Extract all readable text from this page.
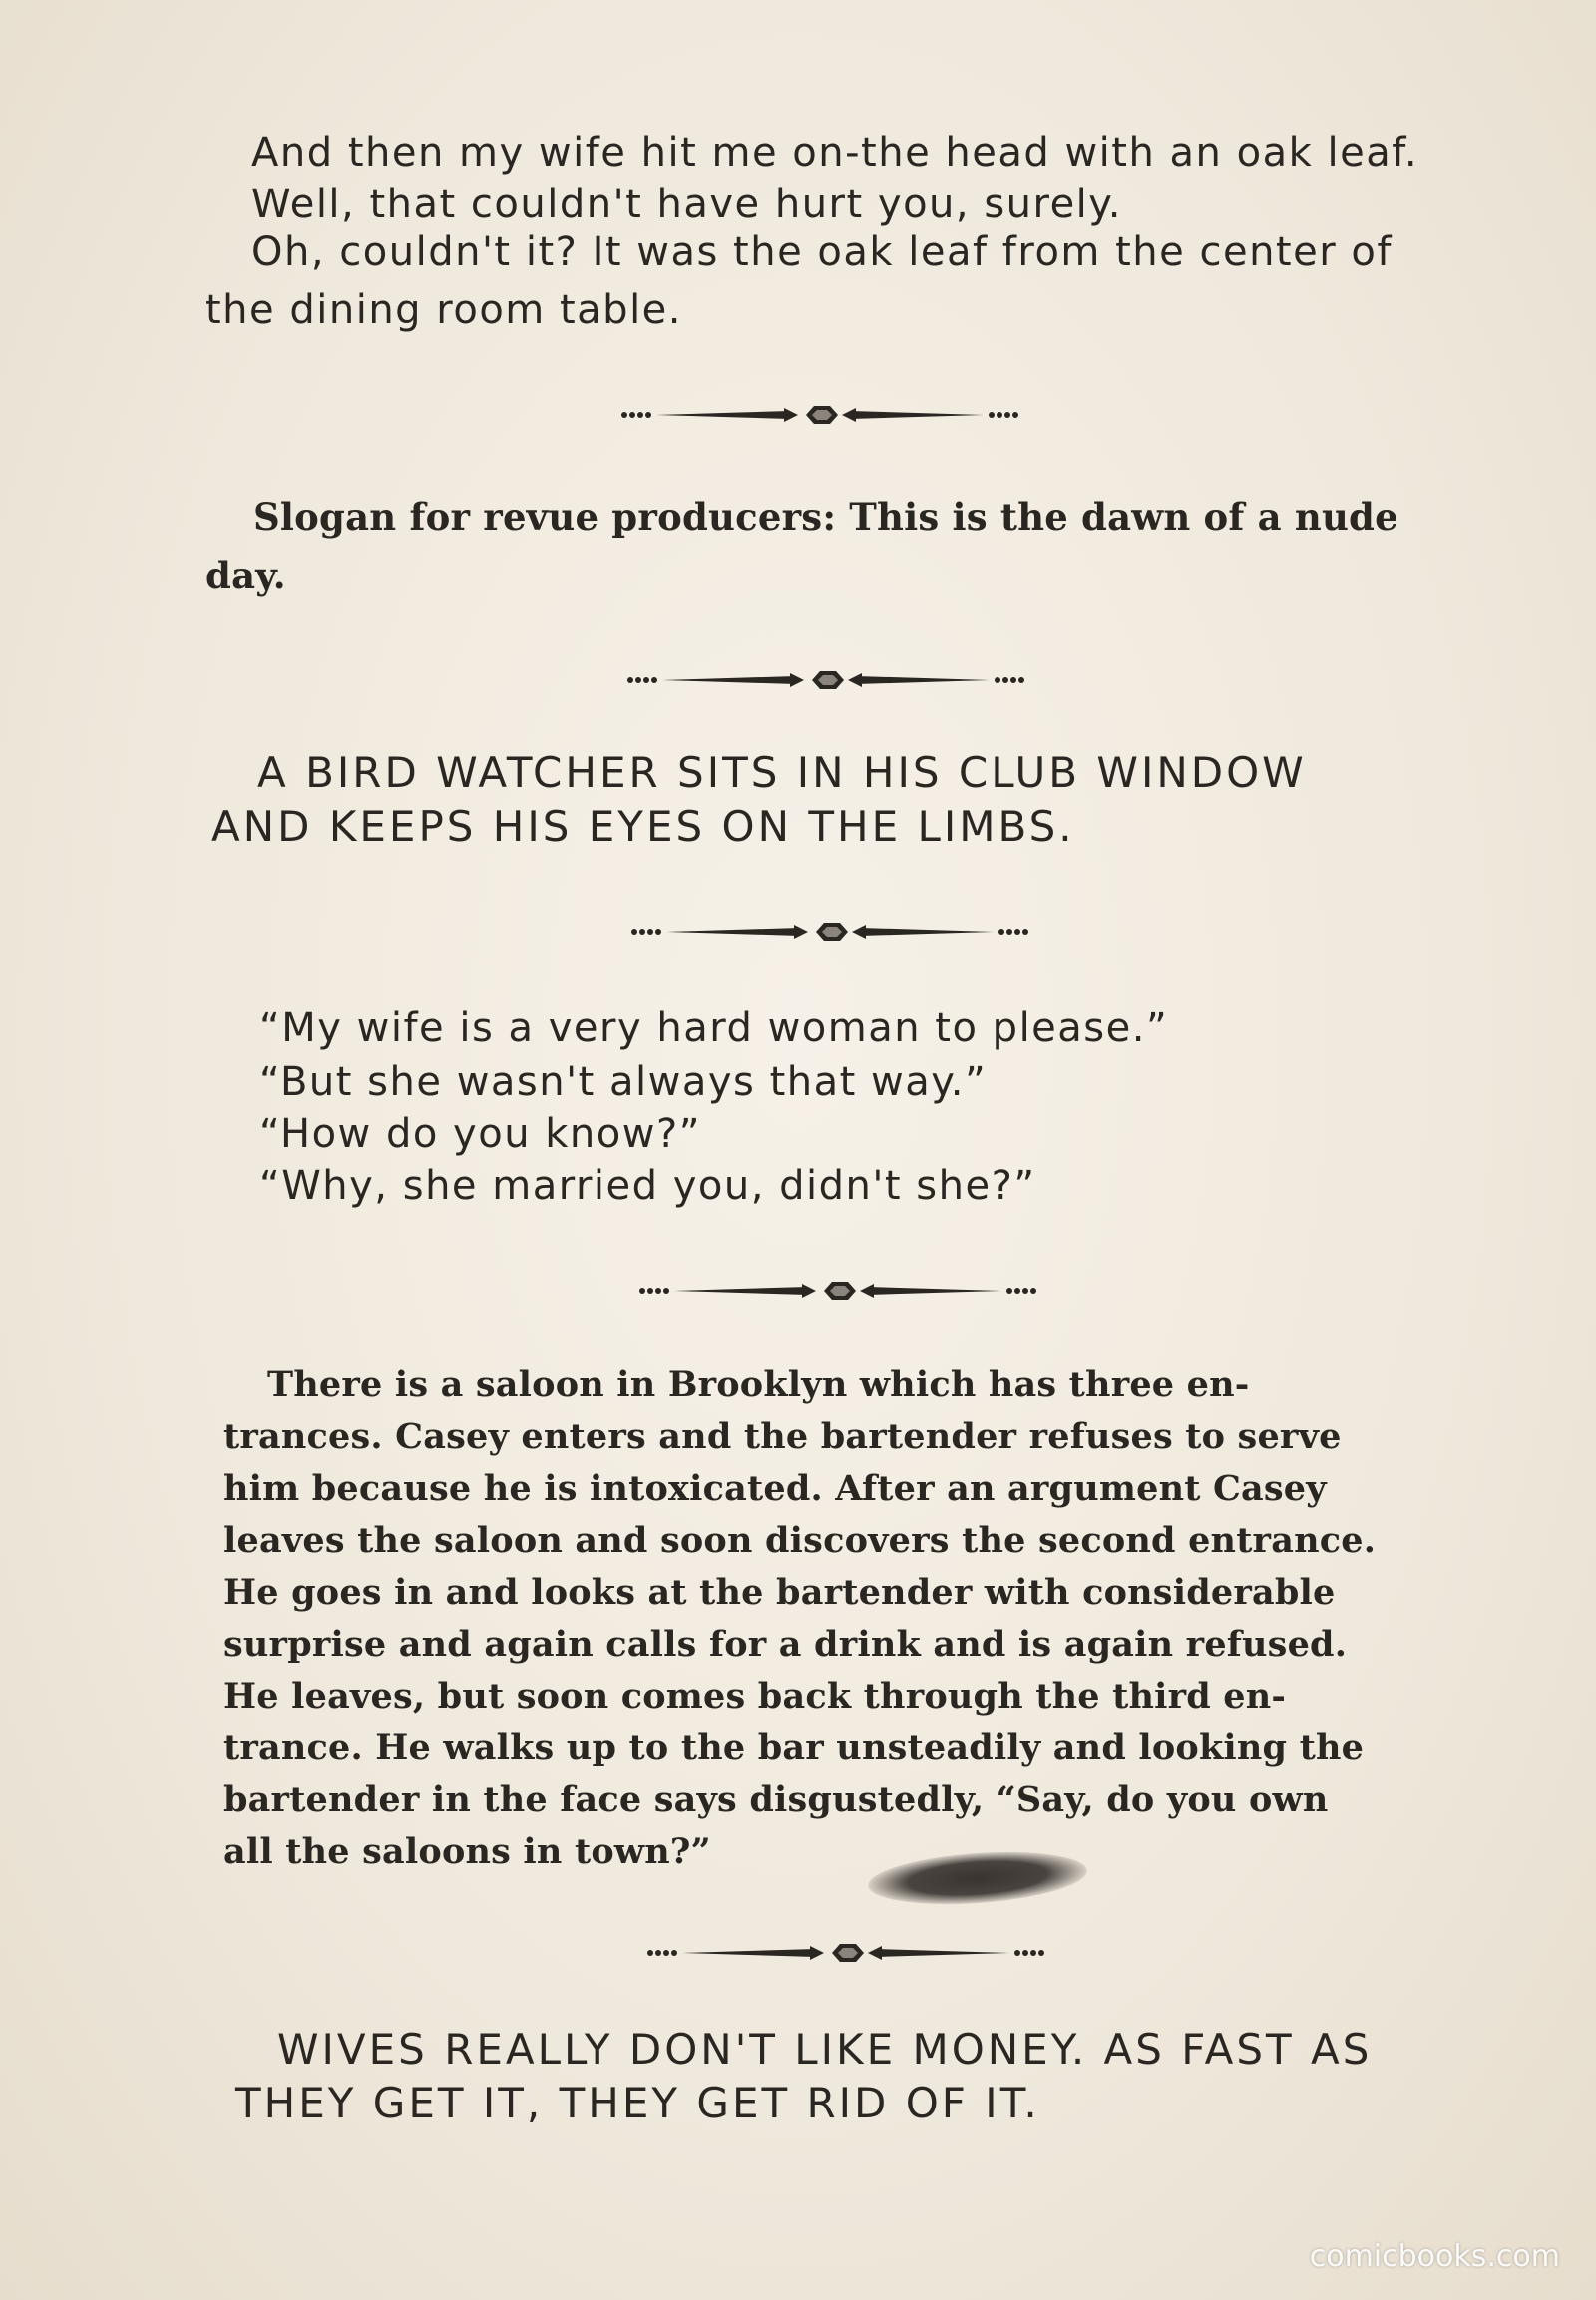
And then my wife hit me on-the head with an oak leaf.
Well, that couldn't have hurt you, surely.
Oh, couldn't it? It was the oak leaf from the center of
the dining room table.
Slogan for revue producers: This is the dawn of a nude
day.
A BIRD WATCHER SITS IN HIS CLUB WINDOW
AND KEEPS HIS EYES ON THE LIMBS.
“My wife is a very hard woman to please.”
“But she wasn't always that way.”
“How do you know?”
“Why, she married you, didn't she?”
There is a saloon in Brooklyn which has three en-
trances. Casey enters and the bartender refuses to serve
him because he is intoxicated. After an argument Casey
leaves the saloon and soon discovers the second entrance.
He goes in and looks at the bartender with considerable
surprise and again calls for a drink and is again refused.
He leaves, but soon comes back through the third en-
trance. He walks up to the bar unsteadily and looking the
bartender in the face says disgustedly, “Say, do you own
all the saloons in town?”
WIVES REALLY DON'T LIKE MONEY. AS FAST AS
THEY GET IT, THEY GET RID OF IT.
comicbooks.com
